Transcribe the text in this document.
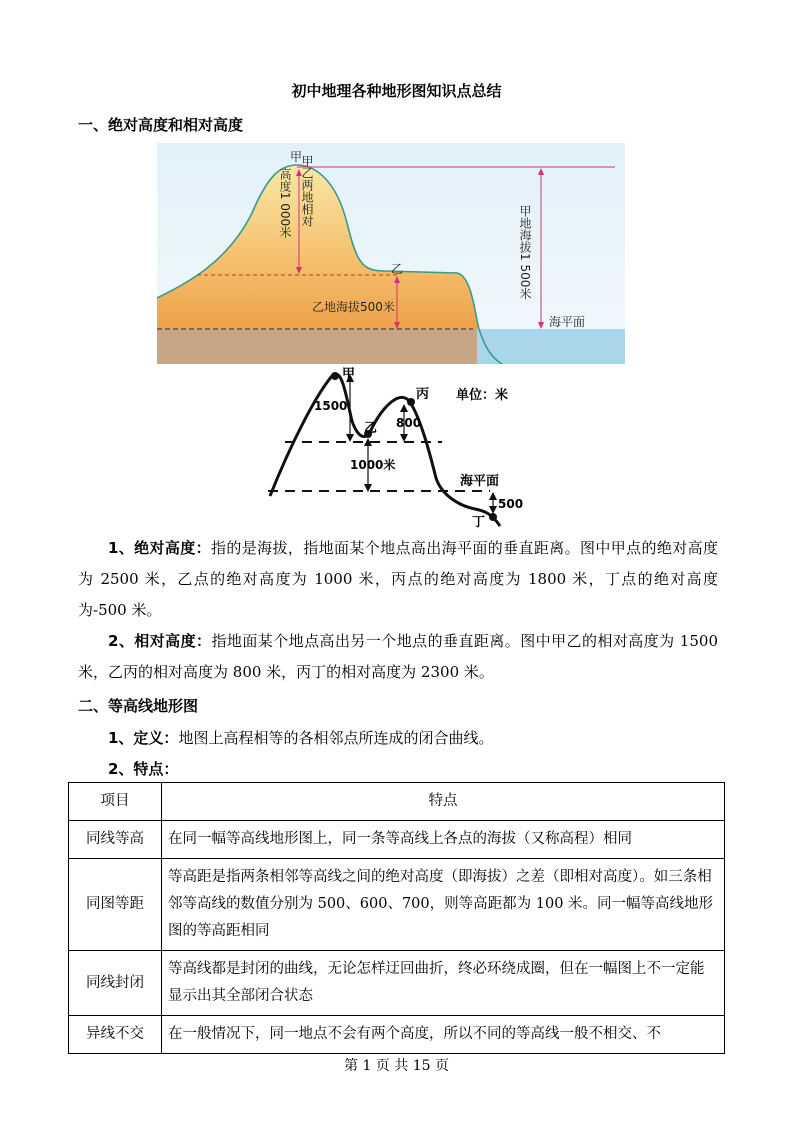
初中地理各种地形图知识点总结
一、绝对高度和相对高度
甲
乙
高度1 000米 甲乙两地相对
乙地海拔500米
甲地海拔1 500米
海平面
甲
丙
乙
丁
单位：米
1500
800
1000米
海平面
500
1、绝对高度：指的是海拔，指地面某个地点高出海平面的垂直距离。图中甲点的绝对高度为 2500 米，乙点的绝对高度为 1000 米，丙点的绝对高度为 1800 米，丁点的绝对高度为-500 米。
2、相对高度：指地面某个地点高出另一个地点的垂直距离。图中甲乙的相对高度为 1500 米，乙丙的相对高度为 800 米，丙丁的相对高度为 2300 米。
二、等高线地形图
1、定义：地图上高程相等的各相邻点所连成的闭合曲线。
2、特点：
项目	特点
同线等高	在同一幅等高线地形图上，同一条等高线上各点的海拔（又称高程）相同
同图等距	等高距是指两条相邻等高线之间的绝对高度（即海拔）之差（即相对高度）。如三条相邻等高线的数值分别为 500、600、700，则等高距都为 100 米。同一幅等高线地形图的等高距相同
同线封闭	等高线都是封闭的曲线，无论怎样迂回曲折，终必环绕成圈，但在一幅图上不一定能显示出其全部闭合状态
异线不交	在一般情况下，同一地点不会有两个高度，所以不同的等高线一般不相交、不
第 1 页 共 15 页
